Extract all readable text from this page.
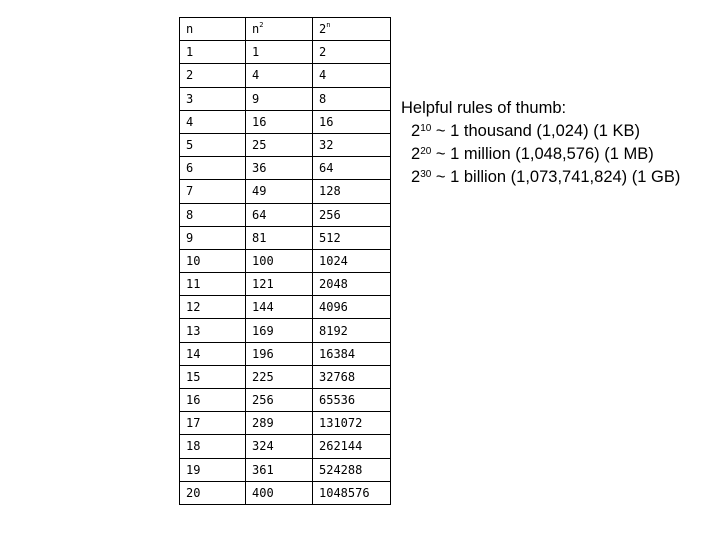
n	$n^2$	2$^n$
1	1	2
2	4	4
3	9	8
4	16	16
5	25	32
6	36	64
7	49	128
8	64	256
9	81	512
10	100	1024
11	121	2048
12	144	4096
13	169	8192
14	196	16384
15	225	32768
16	256	65536
17	289	131072
18	324	262144
19	361	524288
20	400	1048576
Helpful rules of thumb:
$2^{10}$ ~ 1 thousand (1,024) (1 KB)
$2^{20}$ ~ 1 million (1,048,576) (1 MB)
$2^{30}$ ~ 1 billion (1,073,741,824) (1 GB)
